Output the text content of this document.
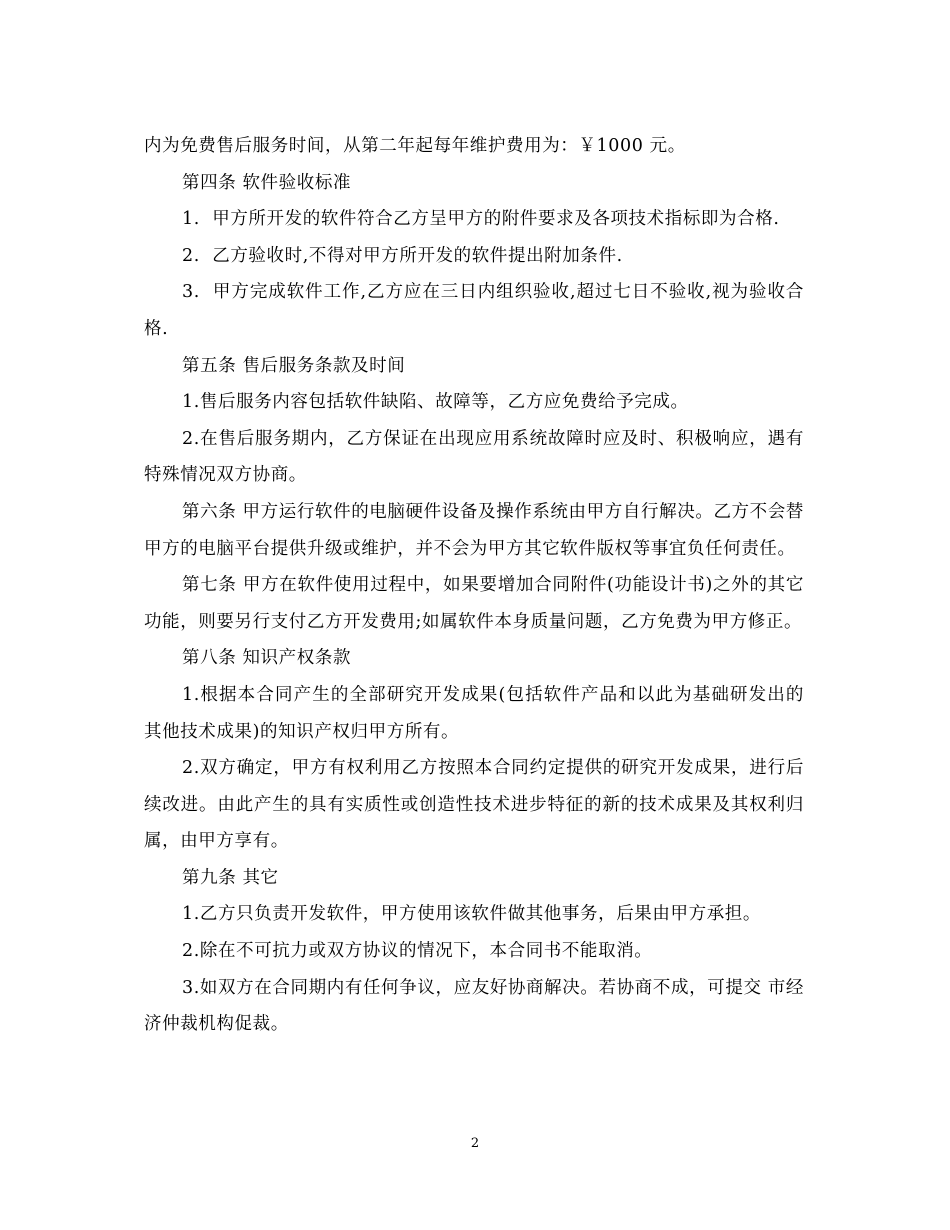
内为免费售后服务时间，从第二年起每年维护费用为：￥1000 元。

第四条 软件验收标准

1.  甲方所开发的软件符合乙方呈甲方的附件要求及各项技术指标即为合格.

2.  乙方验收时,不得对甲方所开发的软件提出附加条件.

3.  甲方完成软件工作,乙方应在三日内组织验收,超过七日不验收,视为验收合格.

第五条 售后服务条款及时间

1.售后服务内容包括软件缺陷、故障等，乙方应免费给予完成。

2.在售后服务期内，乙方保证在出现应用系统故障时应及时、积极响应，遇有特殊情况双方协商。

第六条 甲方运行软件的电脑硬件设备及操作系统由甲方自行解决。乙方不会替甲方的电脑平台提供升级或维护，并不会为甲方其它软件版权等事宜负任何责任。

第七条 甲方在软件使用过程中，如果要增加合同附件(功能设计书)之外的其它功能，则要另行支付乙方开发费用;如属软件本身质量问题，乙方免费为甲方修正。

第八条 知识产权条款

1.根据本合同产生的全部研究开发成果(包括软件产品和以此为基础研发出的其他技术成果)的知识产权归甲方所有。

2.双方确定，甲方有权利用乙方按照本合同约定提供的研究开发成果，进行后续改进。由此产生的具有实质性或创造性技术进步特征的新的技术成果及其权利归属，由甲方享有。

第九条 其它

1.乙方只负责开发软件，甲方使用该软件做其他事务，后果由甲方承担。

2.除在不可抗力或双方协议的情况下，本合同书不能取消。

3.如双方在合同期内有任何争议，应友好协商解决。若协商不成，可提交 市经济仲裁机构促裁。

2
